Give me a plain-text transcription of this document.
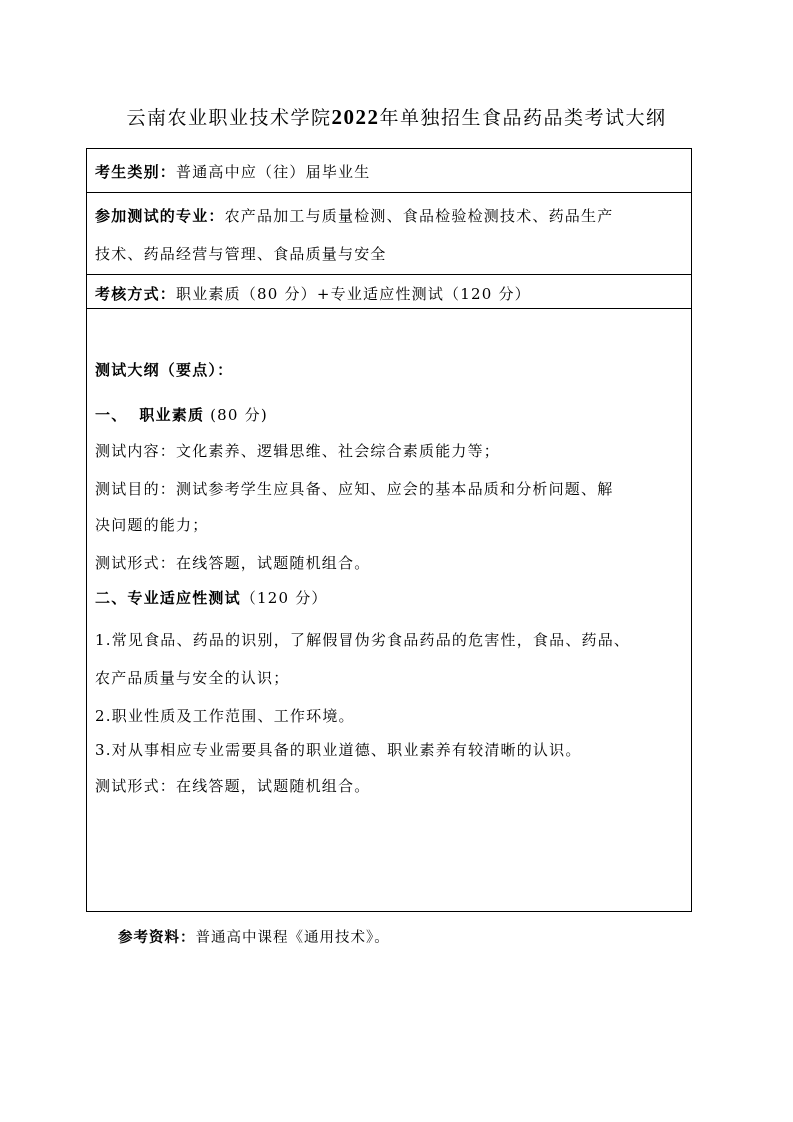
云南农业职业技术学院2022年单独招生食品药品类考试大纲
考生类别：普通高中应（往）届毕业生
参加测试的专业：农产品加工与质量检测、食品检验检测技术、药品生产
技术、药品经营与管理、食品质量与安全
考核方式：职业素质（80 分）+专业适应性测试（120 分）
测试大纲（要点）：
一、 职业素质 (80 分)
测试内容：文化素养、逻辑思维、社会综合素质能力等；
测试目的：测试参考学生应具备、应知、应会的基本品质和分析问题、解
决问题的能力；
测试形式：在线答题，试题随机组合。
二、专业适应性测试（120 分）
1.常见食品、药品的识别，了解假冒伪劣食品药品的危害性，食品、药品、
农产品质量与安全的认识；
2.职业性质及工作范围、工作环境。
3.对从事相应专业需要具备的职业道德、职业素养有较清晰的认识。
测试形式：在线答题，试题随机组合。
参考资料：普通高中课程《通用技术》。
